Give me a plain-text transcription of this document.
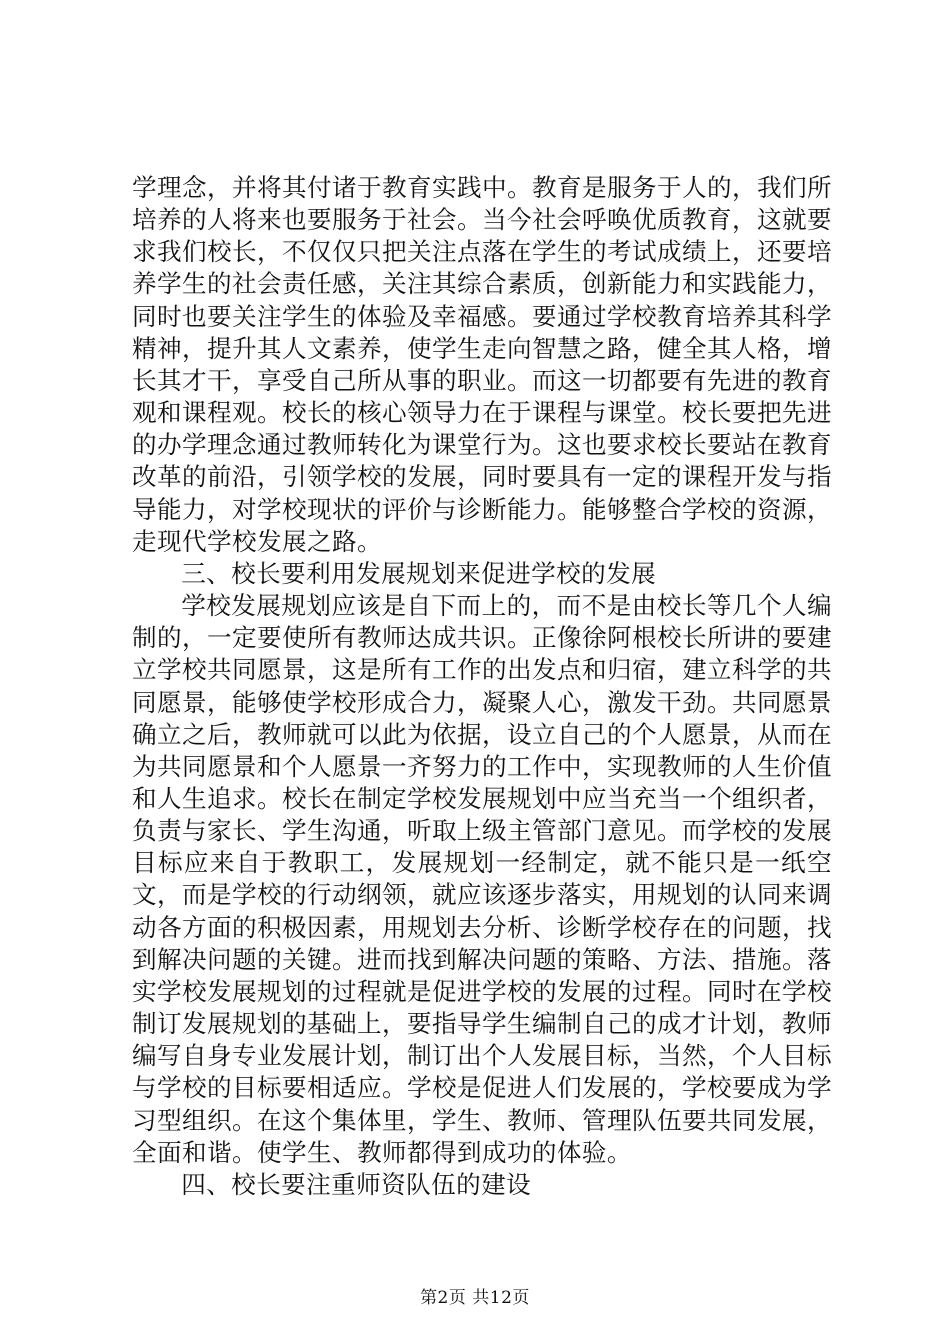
学理念，并将其付诸于教育实践中。教育是服务于人的，我们所培养的人将来也要服务于社会。当今社会呼唤优质教育，这就要求我们校长，不仅仅只把关注点落在学生的考试成绩上，还要培养学生的社会责任感，关注其综合素质，创新能力和实践能力，同时也要关注学生的体验及幸福感。要通过学校教育培养其科学精神，提升其人文素养，使学生走向智慧之路，健全其人格，增长其才干，享受自己所从事的职业。而这一切都要有先进的教育观和课程观。校长的核心领导力在于课程与课堂。校长要把先进的办学理念通过教师转化为课堂行为。这也要求校长要站在教育改革的前沿，引领学校的发展，同时要具有一定的课程开发与指导能力，对学校现状的评价与诊断能力。能够整合学校的资源，走现代学校发展之路。

三、校长要利用发展规划来促进学校的发展

学校发展规划应该是自下而上的，而不是由校长等几个人编制的，一定要使所有教师达成共识。正像徐阿根校长所讲的要建立学校共同愿景，这是所有工作的出发点和归宿，建立科学的共同愿景，能够使学校形成合力，凝聚人心，激发干劲。共同愿景确立之后，教师就可以此为依据，设立自己的个人愿景，从而在为共同愿景和个人愿景一齐努力的工作中，实现教师的人生价值和人生追求。校长在制定学校发展规划中应当充当一个组织者，负责与家长、学生沟通，听取上级主管部门意见。而学校的发展目标应来自于教职工，发展规划一经制定，就不能只是一纸空文，而是学校的行动纲领，就应该逐步落实，用规划的认同来调动各方面的积极因素，用规划去分析、诊断学校存在的问题，找到解决问题的关键。进而找到解决问题的策略、方法、措施。落实学校发展规划的过程就是促进学校的发展的过程。同时在学校制订发展规划的基础上，要指导学生编制自己的成才计划，教师编写自身专业发展计划，制订出个人发展目标，当然，个人目标与学校的目标要相适应。学校是促进人们发展的，学校要成为学习型组织。在这个集体里，学生、教师、管理队伍要共同发展，全面和谐。使学生、教师都得到成功的体验。

四、校长要注重师资队伍的建设

第2页 共12页
